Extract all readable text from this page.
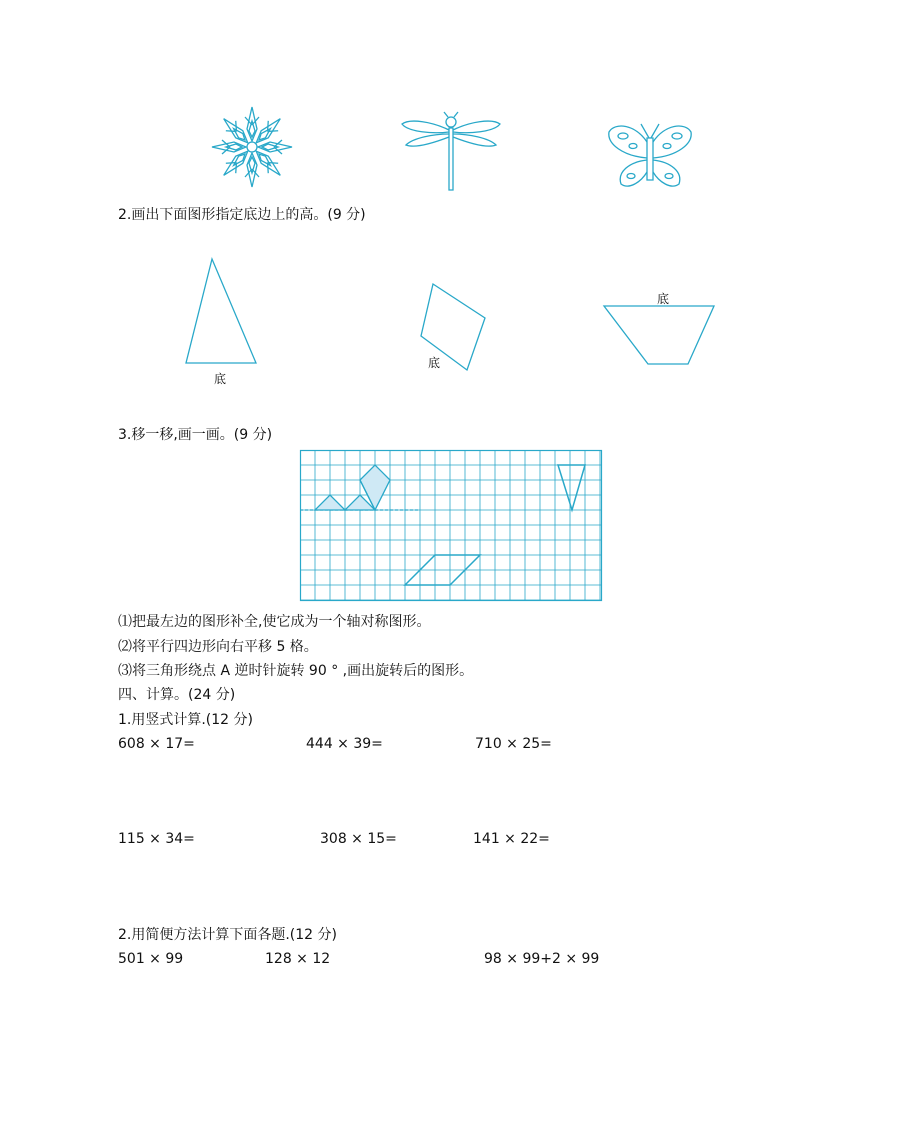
2.画出下面图形指定底边上的高。(9 分)
底
底
底
3.移一移,画一画。(9 分)
⑴把最左边的图形补全,使它成为一个轴对称图形。
⑵将平行四边形向右平移 5 格。
⑶将三角形绕点 A 逆时针旋转 90 ° ,画出旋转后的图形。
四、计算。(24 分)
1.用竖式计算.(12 分)
608 × 17=	444 × 39=	710 × 25=
115 × 34=	308 × 15=	141 × 22=
2.用简便方法计算下面各题.(12 分)
501 × 99	128 × 12	98 × 99+2 × 99
